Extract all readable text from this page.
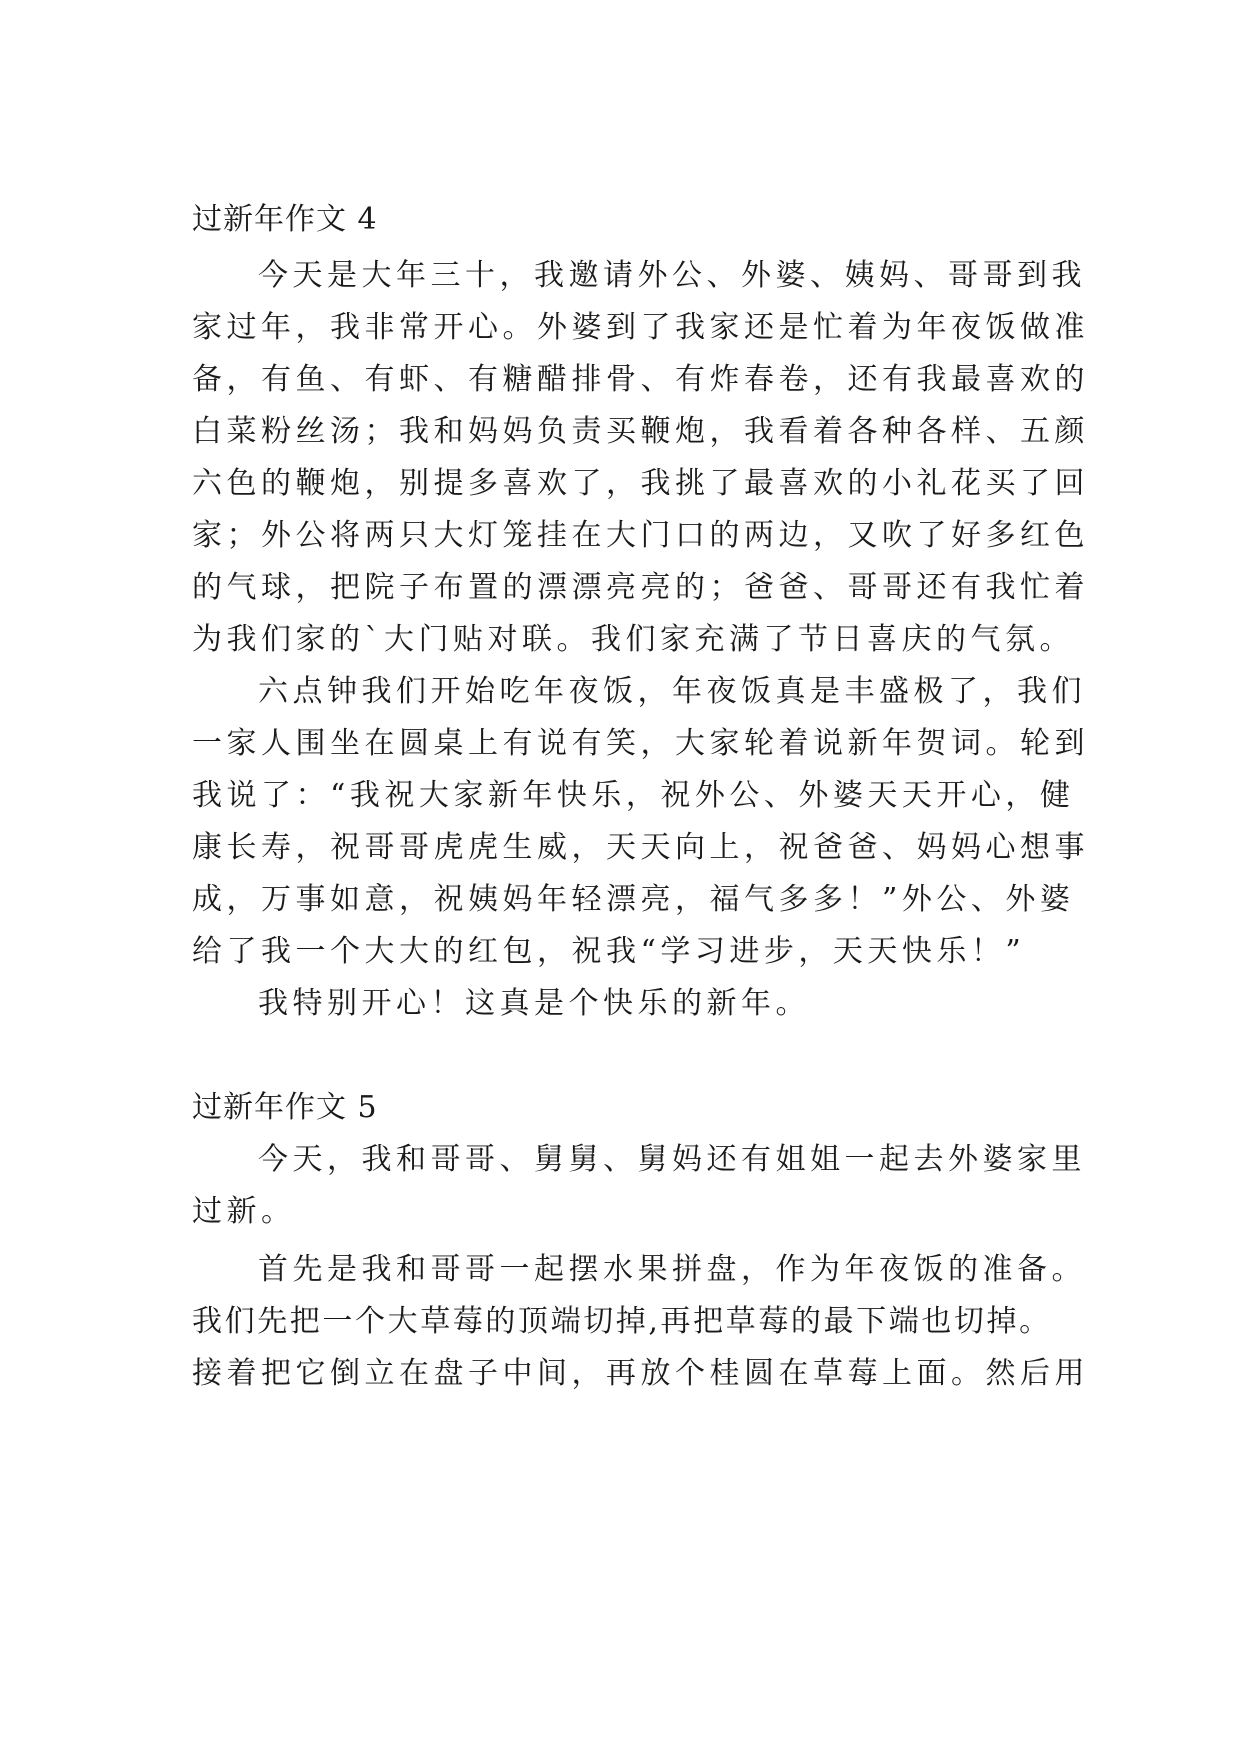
过新年作文 4
今天是大年三十，我邀请外公、外婆、姨妈、哥哥到我
家过年，我非常开心。外婆到了我家还是忙着为年夜饭做准
备，有鱼、有虾、有糖醋排骨、有炸春卷，还有我最喜欢的
白菜粉丝汤；我和妈妈负责买鞭炮，我看着各种各样、五颜
六色的鞭炮，别提多喜欢了，我挑了最喜欢的小礼花买了回
家；外公将两只大灯笼挂在大门口的两边，又吹了好多红色
的气球，把院子布置的漂漂亮亮的；爸爸、哥哥还有我忙着
为我们家的`大门贴对联。我们家充满了节日喜庆的气氛。
六点钟我们开始吃年夜饭，年夜饭真是丰盛极了，我们
一家人围坐在圆桌上有说有笑，大家轮着说新年贺词。轮到
我说了：“我祝大家新年快乐，祝外公、外婆天天开心，健
康长寿，祝哥哥虎虎生威，天天向上，祝爸爸、妈妈心想事
成，万事如意，祝姨妈年轻漂亮，福气多多！”外公、外婆
给了我一个大大的红包，祝我“学习进步，天天快乐！”
我特别开心！这真是个快乐的新年。
过新年作文 5
今天，我和哥哥、舅舅、舅妈还有姐姐一起去外婆家里
过新。
首先是我和哥哥一起摆水果拼盘，作为年夜饭的准备。
我们先把一个大草莓的顶端切掉,再把草莓的最下端也切掉。
接着把它倒立在盘子中间，再放个桂圆在草莓上面。然后用
